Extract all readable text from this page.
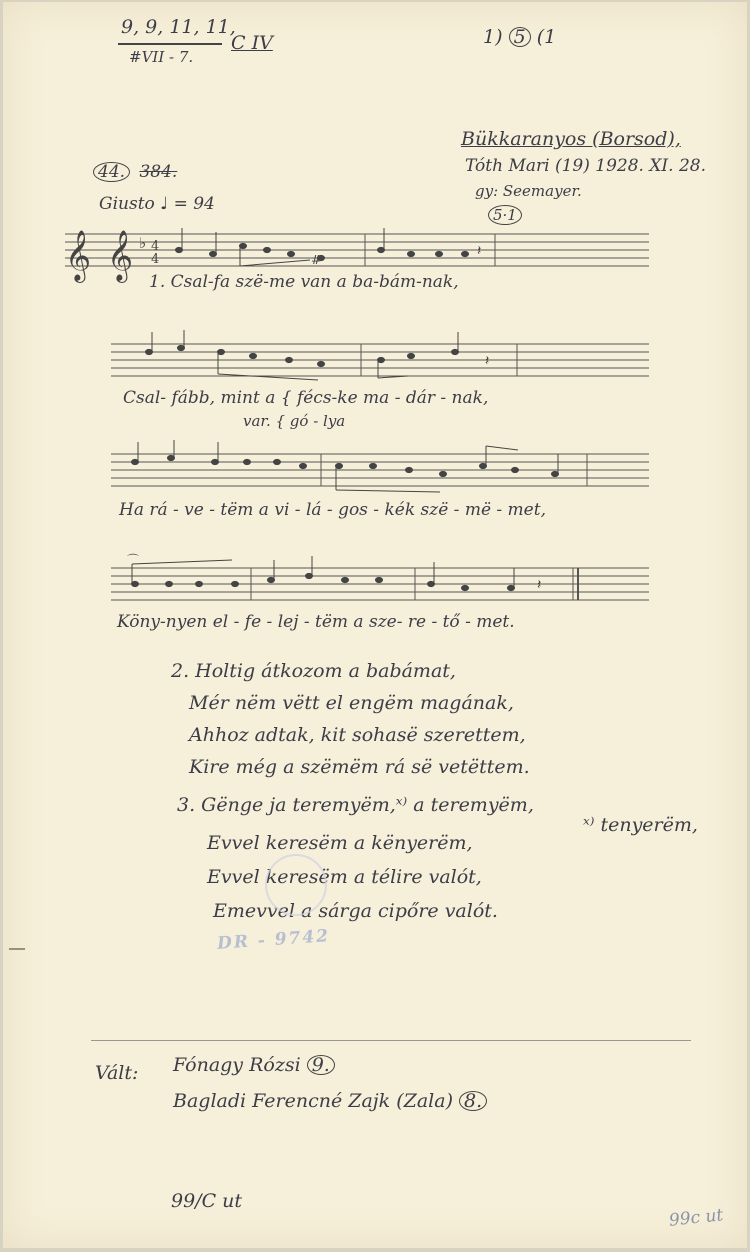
9, 9, 11, 11,
#VII - 7.
C IV	1) 5 (1
Bükkaranyos (Borsod),
Tóth Mari (19) 1928. XI. 28.
gy: Seemayer.
5·1
44. 384.
Giusto ♩ = 94
𝄞 𝄞 ♭ 4
4	#
𝄽
1. Csal-fa szë-me van a ba-bám-nak,
𝄽
Csal- fább, mint a { fécs-ke ma - dár - nak,
var. { gó - lya
Ha rá - ve - tëm a vi - lá - gos - kék szë - më - met,
⌒
𝄽
Köny-nyen el - fe - lej - tëm a sze- re - tő - met.
2. Holtig átkozom a babámat,
Mér nëm vëtt el engëm magának,
Ahhoz adtak, kit sohasë szerettem,
Kire még a szëmëm rá së vetëttem.
3. Gënge ja teremyëm,ˣ⁾ a teremyëm,
Evvel keresëm a kënyerëm,
Evvel keresëm a télire valót,
Emevvel a sárga cipőre valót.
ˣ⁾ tenyerëm,
DR - 9742
Vált: Fónagy Rózsi 9.
Bagladi Ferencné Zajk (Zala) 8.
99/C ut
99c ut
